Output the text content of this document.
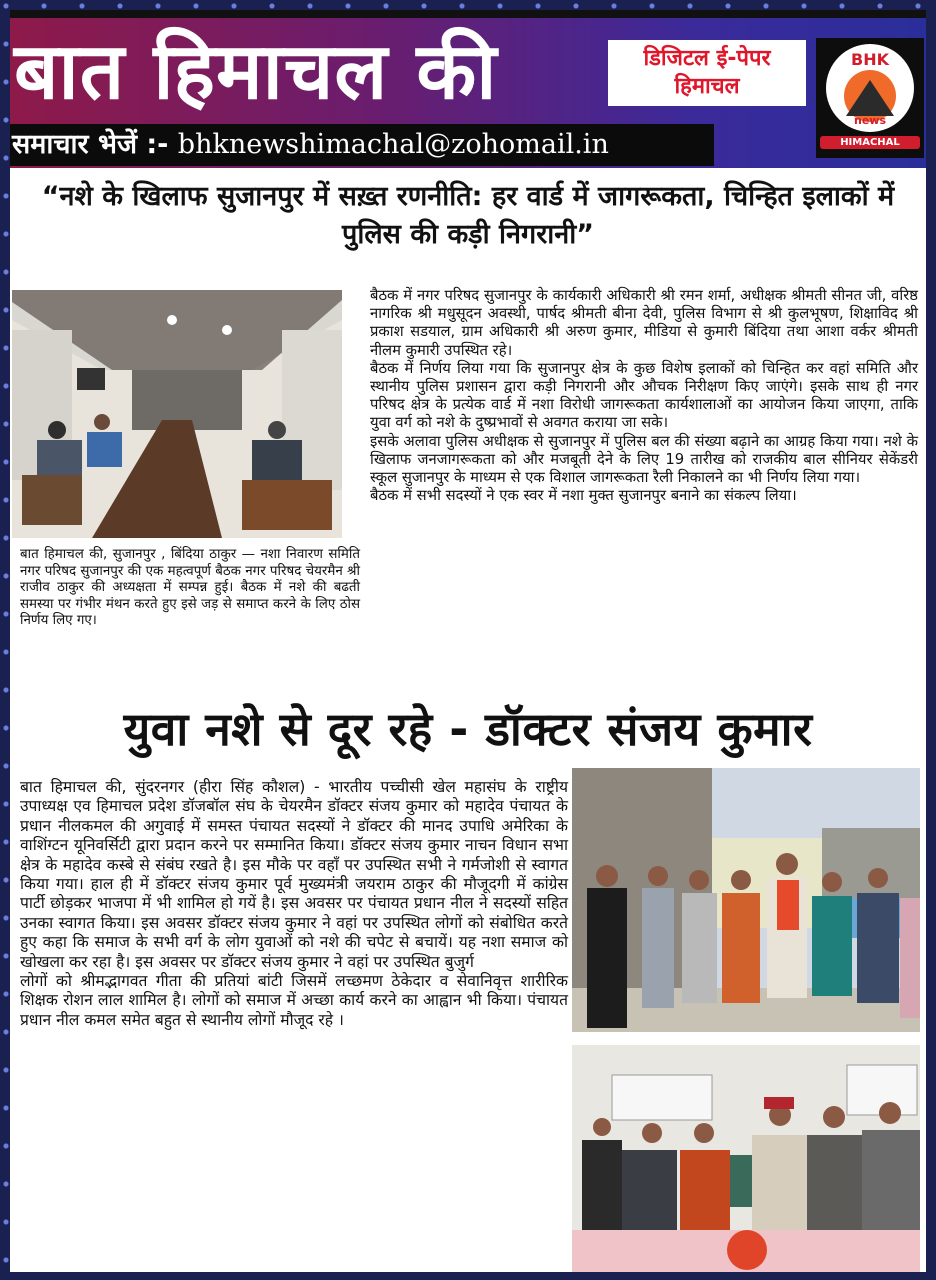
बात हिमाचल की	डिजिटल ई-पेपर
हिमाचल
BHK
news
HIMACHAL
समाचार भेजें :- bhknewshimachal@zohomail.in
“नशे के खिलाफ सुजानपुर में सख़्त रणनीति: हर वार्ड में जागरूकता, चिन्हित इलाकों में पुलिस की कड़ी निगरानी”
बात हिमाचल की, सुजानपुर , बिंदिया ठाकुर — नशा निवारण समिति नगर परिषद सुजानपुर की एक महत्वपूर्ण बैठक नगर परिषद चेयरमैन श्री राजीव ठाकुर की अध्यक्षता में सम्पन्न हुई। बैठक में नशे की बढती समस्या पर गंभीर मंथन करते हुए इसे जड़ से समाप्त करने के लिए ठोस निर्णय लिए गए।

बैठक में नगर परिषद सुजानपुर के कार्यकारी अधिकारी श्री रमन शर्मा, अधीक्षक श्रीमती सीनत जी, वरिष्ठ नागरिक श्री मधुसूदन अवस्थी, पार्षद श्रीमती बीना देवी, पुलिस विभाग से श्री कुलभूषण, शिक्षाविद श्री प्रकाश सडयाल, ग्राम अधिकारी श्री अरुण कुमार, मीडिया से कुमारी बिंदिया तथा आशा वर्कर श्रीमती नीलम कुमारी उपस्थित रहे।

बैठक में निर्णय लिया गया कि सुजानपुर क्षेत्र के कुछ विशेष इलाकों को चिन्हित कर वहां समिति और स्थानीय पुलिस प्रशासन द्वारा कड़ी निगरानी और औचक निरीक्षण किए जाएंगे। इसके साथ ही नगर परिषद क्षेत्र के प्रत्येक वार्ड में नशा विरोधी जागरूकता कार्यशालाओं का आयोजन किया जाएगा, ताकि युवा वर्ग को नशे के दुष्प्रभावों से अवगत कराया जा सके।

इसके अलावा पुलिस अधीक्षक से सुजानपुर में पुलिस बल की संख्या बढ़ाने का आग्रह किया गया। नशे के खिलाफ जनजागरूकता को और मजबूती देने के लिए 19 तारीख को राजकीय बाल सीनियर सेकेंडरी स्कूल सुजानपुर के माध्यम से एक विशाल जागरूकता रैली निकालने का भी निर्णय लिया गया।

बैठक में सभी सदस्यों ने एक स्वर में नशा मुक्त सुजानपुर बनाने का संकल्प लिया।

युवा नशे से दूर रहे - डॉक्टर संजय कुमार

बात हिमाचल की, सुंदरनगर (हीरा सिंह कौशल) - भारतीय पच्चीसी खेल महासंघ के राष्ट्रीय उपाध्यक्ष एव हिमाचल प्रदेश डॉजबॉल संघ के चेयरमैन डॉक्टर संजय कुमार को महादेव पंचायत के प्रधान नीलकमल की अगुवाई में समस्त पंचायत सदस्यों ने डॉक्टर की मानद उपाधि अमेरिका के वाशिंग्टन यूनिवर्सिटी द्वारा प्रदान करने पर सम्मानित किया। डॉक्टर संजय कुमार नाचन विधान सभा क्षेत्र के महादेव कस्बे से संबंघ रखते है। इस मौके पर वहाँ पर उपस्थित सभी ने गर्मजोशी से स्वागत किया गया। हाल ही में डॉक्टर संजय कुमार पूर्व मुख्यमंत्री जयराम ठाकुर की मौजूदगी में कांग्रेस पार्टी छोड़कर भाजपा में भी शामिल हो गयें है। इस अवसर पर पंचायत प्रधान नील ने सदस्यों सहित उनका स्वागत किया। इस अवसर डॉक्टर संजय कुमार ने वहां पर उपस्थित लोगों को संबोधित करते हुए कहा कि समाज के सभी वर्ग के लोग युवाओं को नशे की चपेट से बचायें। यह नशा समाज को खोखला कर रहा है। इस अवसर पर डॉक्टर संजय कुमार ने वहां पर उपस्थित बुजुर्ग

लोगों को श्रीमद्भागवत गीता की प्रतियां बांटी जिसमें लच्छमण ठेकेदार व सेवानिवृत्त शारीरिक शिक्षक रोशन लाल शामिल है। लोगों को समाज में अच्छा कार्य करने का आह्वान भी किया। पंचायत प्रधान नील कमल समेत बहुत से स्थानीय लोगों मौजूद रहे ।
